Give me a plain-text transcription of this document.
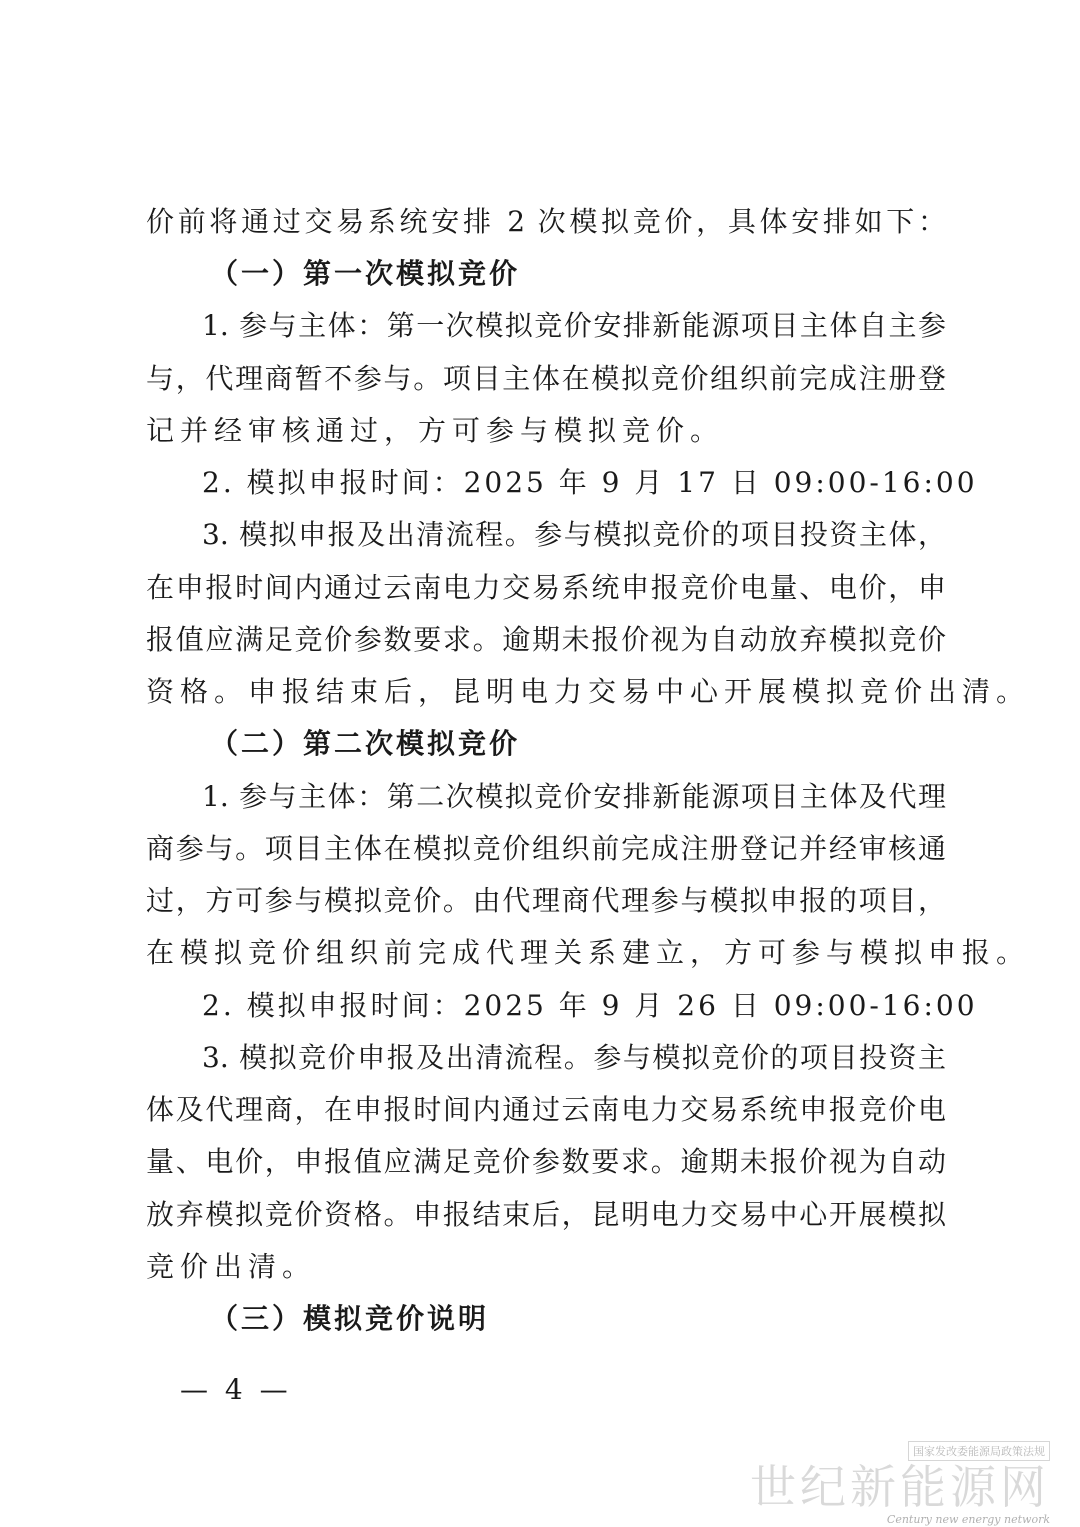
价前将通过交易系统安排 2 次模拟竞价，具体安排如下：
（一）第一次模拟竞价
1. 参与主体：第一次模拟竞价安排新能源项目主体自主参
与，代理商暂不参与。项目主体在模拟竞价组织前完成注册登
记并经审核通过，方可参与模拟竞价。
2. 模拟申报时间：2025 年 9 月 17 日 09:00-16:00
3. 模拟申报及出清流程。参与模拟竞价的项目投资主体，
在申报时间内通过云南电力交易系统申报竞价电量、电价，申
报值应满足竞价参数要求。逾期未报价视为自动放弃模拟竞价
资格。申报结束后，昆明电力交易中心开展模拟竞价出清。
（二）第二次模拟竞价
1. 参与主体：第二次模拟竞价安排新能源项目主体及代理
商参与。项目主体在模拟竞价组织前完成注册登记并经审核通
过，方可参与模拟竞价。由代理商代理参与模拟申报的项目，
在模拟竞价组织前完成代理关系建立，方可参与模拟申报。
2. 模拟申报时间：2025 年 9 月 26 日 09:00-16:00
3. 模拟竞价申报及出清流程。参与模拟竞价的项目投资主
体及代理商，在申报时间内通过云南电力交易系统申报竞价电
量、电价，申报值应满足竞价参数要求。逾期未报价视为自动
放弃模拟竞价资格。申报结束后，昆明电力交易中心开展模拟
竞价出清。
（三）模拟竞价说明
— 4 —
国家发改委能源局政策法规
世纪新能源网
Century new energy network
